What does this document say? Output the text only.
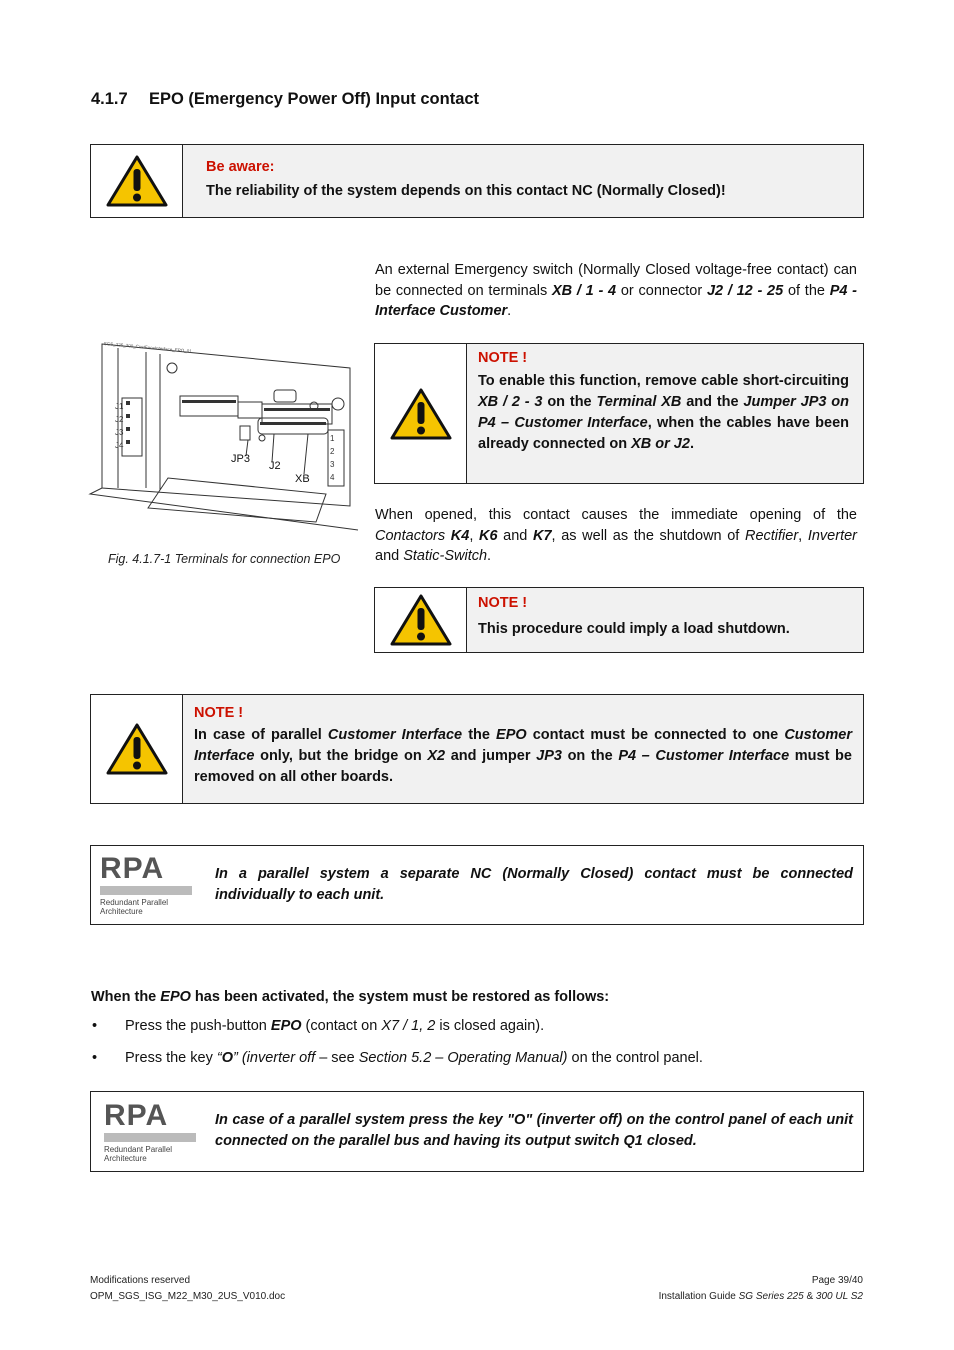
4.1.7 EPO (Emergency Power Off) Input contact
Be aware:
The reliability of the system depends on this contact NC (Normally Closed)!
An external Emergency switch (Normally Closed voltage-free contact) can be connected on terminals XB / 1 - 4 or connector J2 / 12 - 25 of the P4 - Interface Customer.
SGS_225_300_CustFaceInterface_EPO_01
J1
J2
J3
J4
1
2
3
4
JP3
J2
XB
Fig. 4.1.7-1 Terminals for connection EPO
NOTE !
To enable this function, remove cable short-circuiting XB / 2 - 3 on the Terminal XB and the Jumper JP3 on P4 – Customer Interface, when the cables have been already connected on XB or J2.
When opened, this contact causes the immediate opening of the Contactors K4, K6 and K7, as well as the shutdown of Rectifier, Inverter and Static-Switch.
NOTE !
This procedure could imply a load shutdown.
NOTE !
In case of parallel Customer Interface the EPO contact must be connected to one Customer Interface only, but the bridge on X2 and jumper JP3 on the P4 – Customer Interface must be removed on all other boards.
RPA
Redundant Parallel
Architecture
In a parallel system a separate NC (Normally Closed) contact must be connected individually to each unit.
When the EPO has been activated, the system must be restored as follows:
• Press the push-button EPO (contact on X7 / 1, 2 is closed again).
• Press the key “O” (inverter off – see Section 5.2 – Operating Manual) on the control panel.
RPA
Redundant Parallel
Architecture
In case of a parallel system press the key "O" (inverter off) on the control panel of each unit connected on the parallel bus and having its output switch Q1 closed.
Modifications reserved
OPM_SGS_ISG_M22_M30_2US_V010.doc
Page 39/40
Installation Guide SG Series 225 & 300 UL S2
